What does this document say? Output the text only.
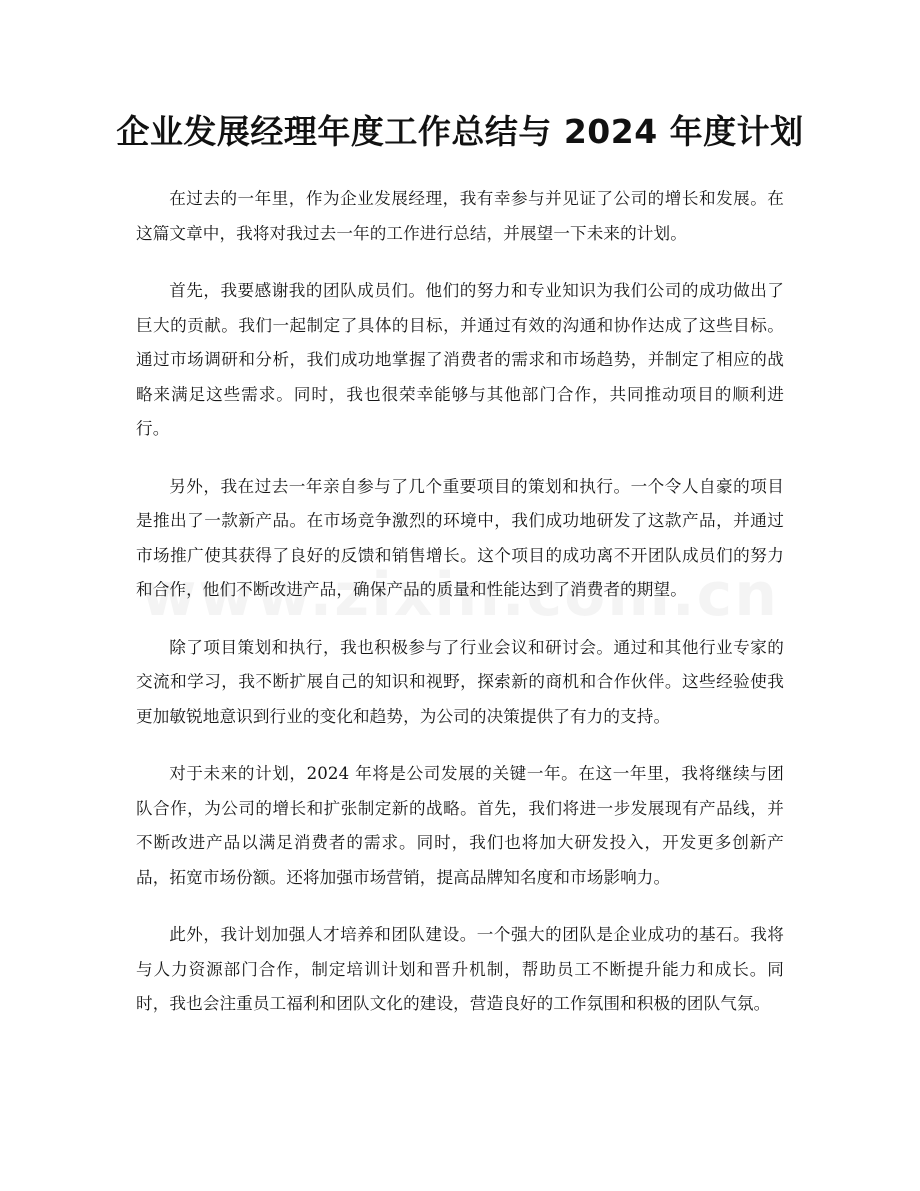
企业发展经理年度工作总结与 2024 年度计划

在过去的一年里，作为企业发展经理，我有幸参与并见证了公司的增长和发展。在这篇文章中，我将对我过去一年的工作进行总结，并展望一下未来的计划。

首先，我要感谢我的团队成员们。他们的努力和专业知识为我们公司的成功做出了巨大的贡献。我们一起制定了具体的目标，并通过有效的沟通和协作达成了这些目标。通过市场调研和分析，我们成功地掌握了消费者的需求和市场趋势，并制定了相应的战略来满足这些需求。同时，我也很荣幸能够与其他部门合作，共同推动项目的顺利进行。

另外，我在过去一年亲自参与了几个重要项目的策划和执行。一个令人自豪的项目是推出了一款新产品。在市场竞争激烈的环境中，我们成功地研发了这款产品，并通过市场推广使其获得了良好的反馈和销售增长。这个项目的成功离不开团队成员们的努力和合作，他们不断改进产品，确保产品的质量和性能达到了消费者的期望。

除了项目策划和执行，我也积极参与了行业会议和研讨会。通过和其他行业专家的交流和学习，我不断扩展自己的知识和视野，探索新的商机和合作伙伴。这些经验使我更加敏锐地意识到行业的变化和趋势，为公司的决策提供了有力的支持。

对于未来的计划，2024 年将是公司发展的关键一年。在这一年里，我将继续与团队合作，为公司的增长和扩张制定新的战略。首先，我们将进一步发展现有产品线，并不断改进产品以满足消费者的需求。同时，我们也将加大研发投入，开发更多创新产品，拓宽市场份额。还将加强市场营销，提高品牌知名度和市场影响力。

此外，我计划加强人才培养和团队建设。一个强大的团队是企业成功的基石。我将与人力资源部门合作，制定培训计划和晋升机制，帮助员工不断提升能力和成长。同时，我也会注重员工福利和团队文化的建设，营造良好的工作氛围和积极的团队气氛。
